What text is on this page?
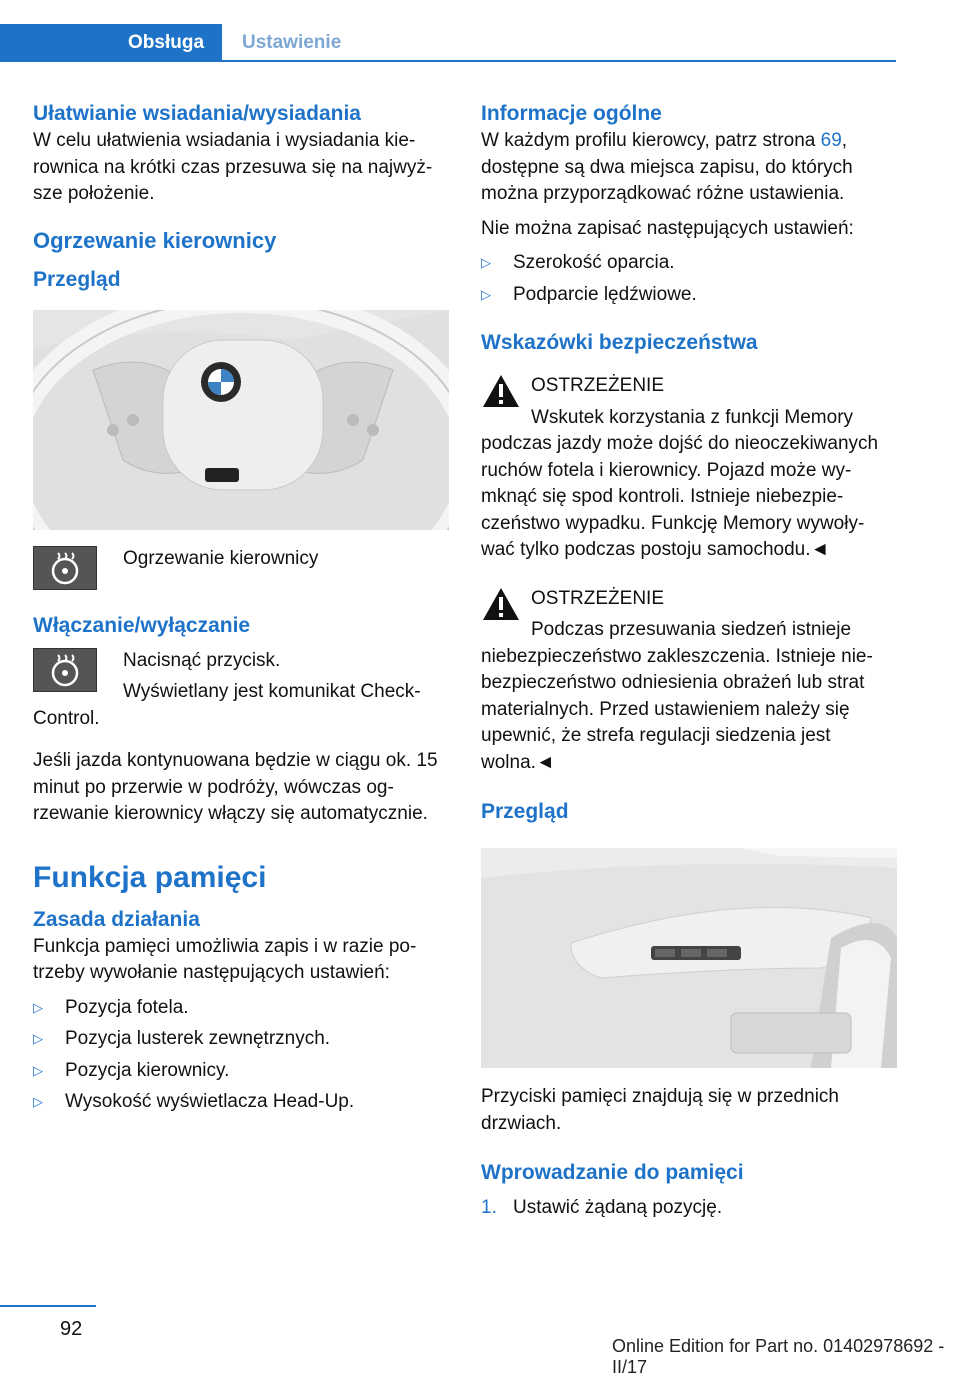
Obsługa Ustawienie
Ułatwianie wsiadania/wysiadania

W celu ułatwienia wsiadania i wysiadania kie-rownica na krótki czas przesuwa się na najwyż-sze położenie.

Ogrzewanie kierownicy
Przegląd

Ogrzewanie kierownicy

Włączanie/wyłączanie

Nacisnąć przycisk.

Wyświetlany jest komunikat Check-Control.

Jeśli jazda kontynuowana będzie w ciągu ok. 15 minut po przerwie w podróży, wówczas og-rzewanie kierownicy włączy się automatycznie.

Funkcja pamięci
Zasada działania

Funkcja pamięci umożliwia zapis i w razie po-trzeby wywołanie następujących ustawień:

▷ Pozycja fotela.
▷ Pozycja lusterek zewnętrznych.
▷ Pozycja kierownicy.
▷ Wysokość wyświetlacza Head-Up.
Informacje ogólne

W każdym profilu kierowcy, patrz strona 69, dostępne są dwa miejsca zapisu, do których można przyporządkować różne ustawienia.

Nie można zapisać następujących ustawień:

▷ Szerokość oparcia.
▷ Podparcie lędźwiowe.
Wskazówki bezpieczeństwa

OSTRZEŻENIE

Wskutek korzystania z funkcji Memory podczas jazdy może dojść do nieoczekiwanych ruchów fotela i kierownicy. Pojazd może wy-mknąć się spod kontroli. Istnieje niebezpie-czeństwo wypadku. Funkcję Memory wywoły-wać tylko podczas postoju samochodu.◄

OSTRZEŻENIE

Podczas przesuwania siedzeń istnieje niebezpieczeństwo zakleszczenia. Istnieje nie-bezpieczeństwo odniesienia obrażeń lub strat materialnych. Przed ustawieniem należy się upewnić, że strefa regulacji siedzenia jest wolna.◄

Przegląd

Przyciski pamięci znajdują się w przednich drzwiach.

Wprowadzanie do pamięci
1. Ustawić żądaną pozycję.
92
Online Edition for Part no. 01402978692 - II/17
